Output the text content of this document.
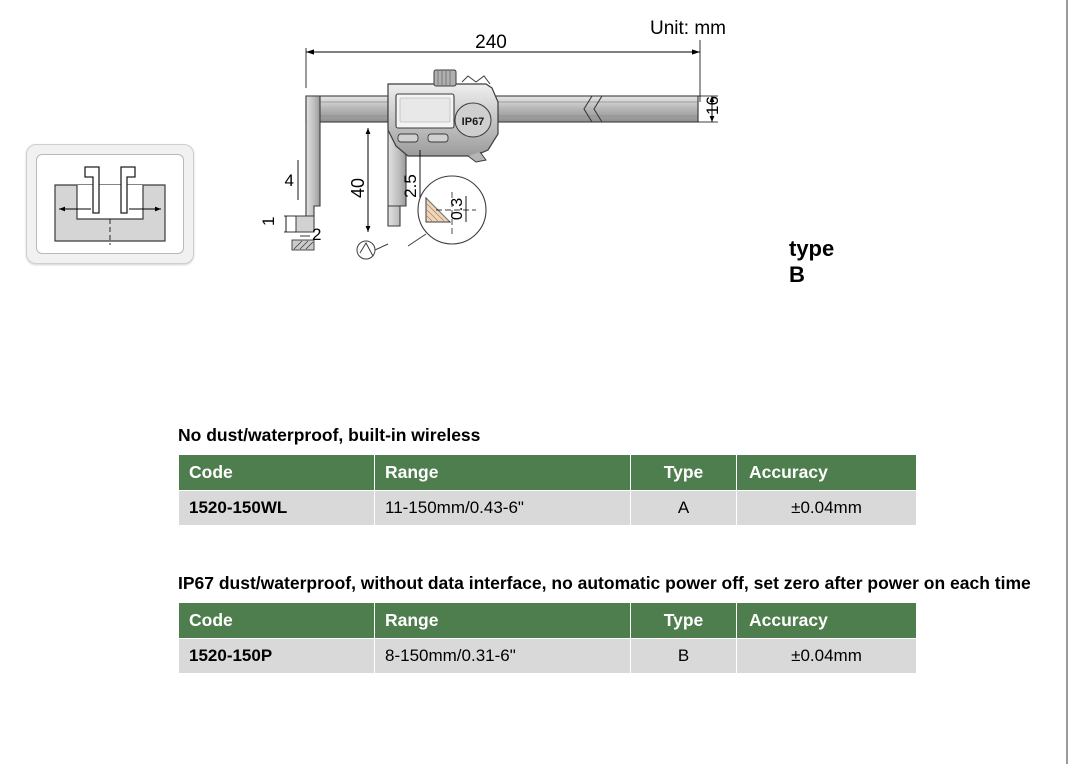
Unit: mm
240
IP67
16
4
1
2
40 2.5
0.3
type B
No dust/waterproof, built-in wireless
Code	Range	Type	Accuracy
1520-150WL	11-150mm/0.43-6"	A	±0.04mm
IP67 dust/waterproof, without data interface, no automatic power off, set zero after power on each time
Code	Range	Type	Accuracy
1520-150P	8-150mm/0.31-6"	B	±0.04mm
